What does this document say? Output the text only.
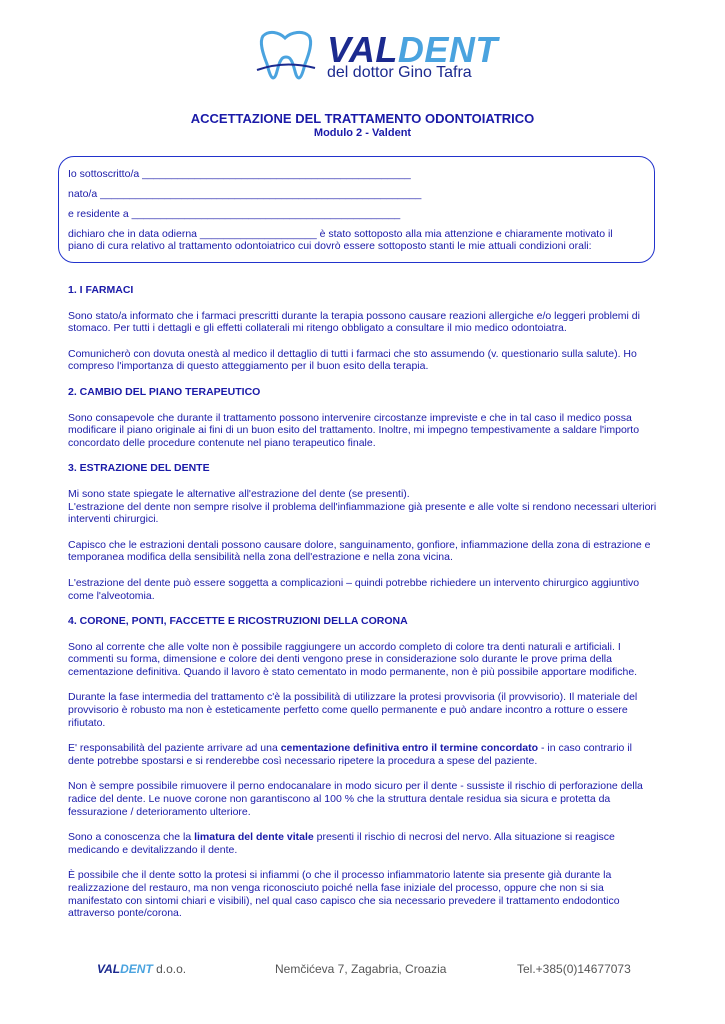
VALDENT
del dottor Gino Tafra
ACCETTAZIONE DEL TRATTAMENTO ODONTOIATRICO
Modulo 2 - Valdent
Io sottoscritto/a ______________________________________________
nato/a _______________________________________________________
e residente a ______________________________________________
dichiaro che in data odierna ____________________ è stato sottoposto alla mia attenzione e chiaramente motivato il
piano di cura relativo al trattamento odontoiatrico cui dovrò essere sottoposto stanti le mie attuali condizioni orali:
1. I FARMACI

Sono stato/a informato che i farmaci prescritti durante la terapia possono causare reazioni allergiche e/o leggeri problemi di stomaco. Per tutti i dettagli e gli effetti collaterali mi ritengo obbligato a consultare il mio medico odontoiatra.

Comunicherò con dovuta onestà al medico il dettaglio di tutti i farmaci che sto assumendo (v. questionario sulla salute). Ho compreso l'importanza di questo atteggiamento per il buon esito della terapia.

2. CAMBIO DEL PIANO TERAPEUTICO

Sono consapevole che durante il trattamento possono intervenire circostanze impreviste e che in tal caso il medico possa modificare il piano originale ai fini di un buon esito del trattamento. Inoltre, mi impegno tempestivamente a saldare l'importo concordato delle procedure contenute nel piano terapeutico finale.

3. ESTRAZIONE DEL DENTE

Mi sono state spiegate le alternative all'estrazione del dente (se presenti).
L'estrazione del dente non sempre risolve il problema dell'infiammazione già presente e alle volte si rendono necessari ulteriori interventi chirurgici.

Capisco che le estrazioni dentali possono causare dolore, sanguinamento, gonfiore, infiammazione della zona di estrazione e temporanea modifica della sensibilità nella zona dell'estrazione e nella zona vicina.

L'estrazione del dente può essere soggetta a complicazioni – quindi potrebbe richiedere un intervento chirurgico aggiuntivo come l'alveotomia.

4. CORONE, PONTI, FACCETTE E RICOSTRUZIONI DELLA CORONA

Sono al corrente che alle volte non è possibile raggiungere un accordo completo di colore tra denti naturali e artificiali. I commenti su forma, dimensione e colore dei denti vengono prese in considerazione solo durante le prove prima della cementazione definitiva. Quando il lavoro è stato cementato in modo permanente, non è più possibile apportare modifiche.

Durante la fase intermedia del trattamento c'è la possibilità di utilizzare la protesi provvisoria (il provvisorio). Il materiale del provvisorio è robusto ma non è esteticamente perfetto come quello permanente e può andare incontro a rotture o essere rifiutato.

E' responsabilità del paziente arrivare ad una cementazione definitiva entro il termine concordato - in caso contrario il dente potrebbe spostarsi e si renderebbe così necessario ripetere la procedura a spese del paziente.

Non è sempre possibile rimuovere il perno endocanalare in modo sicuro per il dente - sussiste il rischio di perforazione della radice del dente. Le nuove corone non garantiscono al 100 % che la struttura dentale residua sia sicura e protetta da fessurazione / deterioramento ulteriore.

Sono a conoscenza che la limatura del dente vitale presenti il rischio di necrosi del nervo. Alla situazione si reagisce medicando e devitalizzando il dente.

È possibile che il dente sotto la protesi si infiammi (o che il processo infiammatorio latente sia presente già durante la realizzazione del restauro, ma non venga riconosciuto poiché nella fase iniziale del processo, oppure che non si sia manifestato con sintomi chiari e visibili), nel qual caso capisco che sia necessario prevedere il trattamento endodontico attraverso ponte/corona.

VALDENT d.o.o.	Nemčićeva 7, Zagabria, Croazia	Tel.+385(0)14677073
